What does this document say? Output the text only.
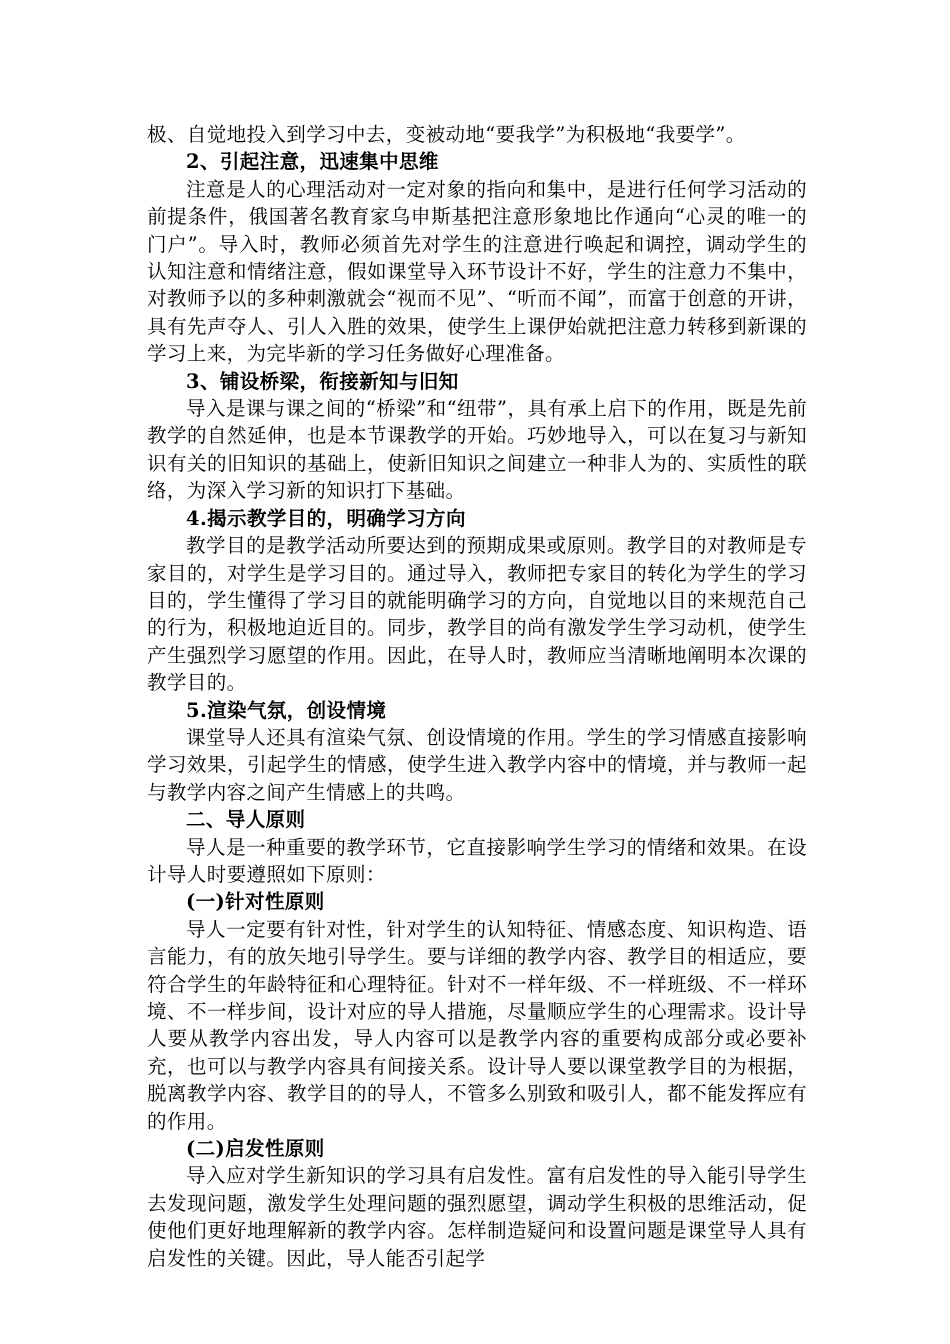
极、自觉地投入到学习中去，变被动地“要我学”为积极地“我要学”。

2、引起注意，迅速集中思维

注意是人的心理活动对一定对象的指向和集中，是进行任何学习活动的前提条件，俄国著名教育家乌申斯基把注意形象地比作通向“心灵的唯一的门户”。导入时，教师必须首先对学生的注意进行唤起和调控，调动学生的认知注意和情绪注意，假如课堂导入环节设计不好，学生的注意力不集中，对教师予以的多种刺激就会“视而不见”、“听而不闻”，而富于创意的开讲，具有先声夺人、引人入胜的效果，使学生上课伊始就把注意力转移到新课的学习上来，为完毕新的学习任务做好心理准备。

3、铺设桥梁，衔接新知与旧知

导入是课与课之间的“桥梁”和“纽带”，具有承上启下的作用，既是先前教学的自然延伸，也是本节课教学的开始。巧妙地导入，可以在复习与新知识有关的旧知识的基础上，使新旧知识之间建立一种非人为的、实质性的联络，为深入学习新的知识打下基础。

4.揭示教学目的，明确学习方向

教学目的是教学活动所要达到的预期成果或原则。教学目的对教师是专家目的，对学生是学习目的。通过导入，教师把专家目的转化为学生的学习目的，学生懂得了学习目的就能明确学习的方向，自觉地以目的来规范自己的行为，积极地迫近目的。同步，教学目的尚有激发学生学习动机，使学生产生强烈学习愿望的作用。因此，在导人时，教师应当清晰地阐明本次课的教学目的。

5.渲染气氛，创设情境

课堂导人还具有渲染气氛、创设情境的作用。学生的学习情感直接影响学习效果，引起学生的情感，使学生进入教学内容中的情境，并与教师一起与教学内容之间产生情感上的共鸣。

二、导人原则

导人是一种重要的教学环节，它直接影响学生学习的情绪和效果。在设计导人时要遵照如下原则：

(一)针对性原则

导人一定要有针对性，针对学生的认知特征、情感态度、知识构造、语言能力，有的放矢地引导学生。要与详细的教学内容、教学目的相适应，要符合学生的年龄特征和心理特征。针对不一样年级、不一样班级、不一样环境、不一样步间，设计对应的导人措施，尽量顺应学生的心理需求。设计导人要从教学内容出发，导人内容可以是教学内容的重要构成部分或必要补充，也可以与教学内容具有间接关系。设计导人要以课堂教学目的为根据，脱离教学内容、教学目的的导人，不管多么别致和吸引人，都不能发挥应有的作用。

(二)启发性原则

导入应对学生新知识的学习具有启发性。富有启发性的导入能引导学生去发现问题，激发学生处理问题的强烈愿望，调动学生积极的思维活动，促使他们更好地理解新的教学内容。怎样制造疑问和设置问题是课堂导人具有启发性的关键。因此，导人能否引起学
